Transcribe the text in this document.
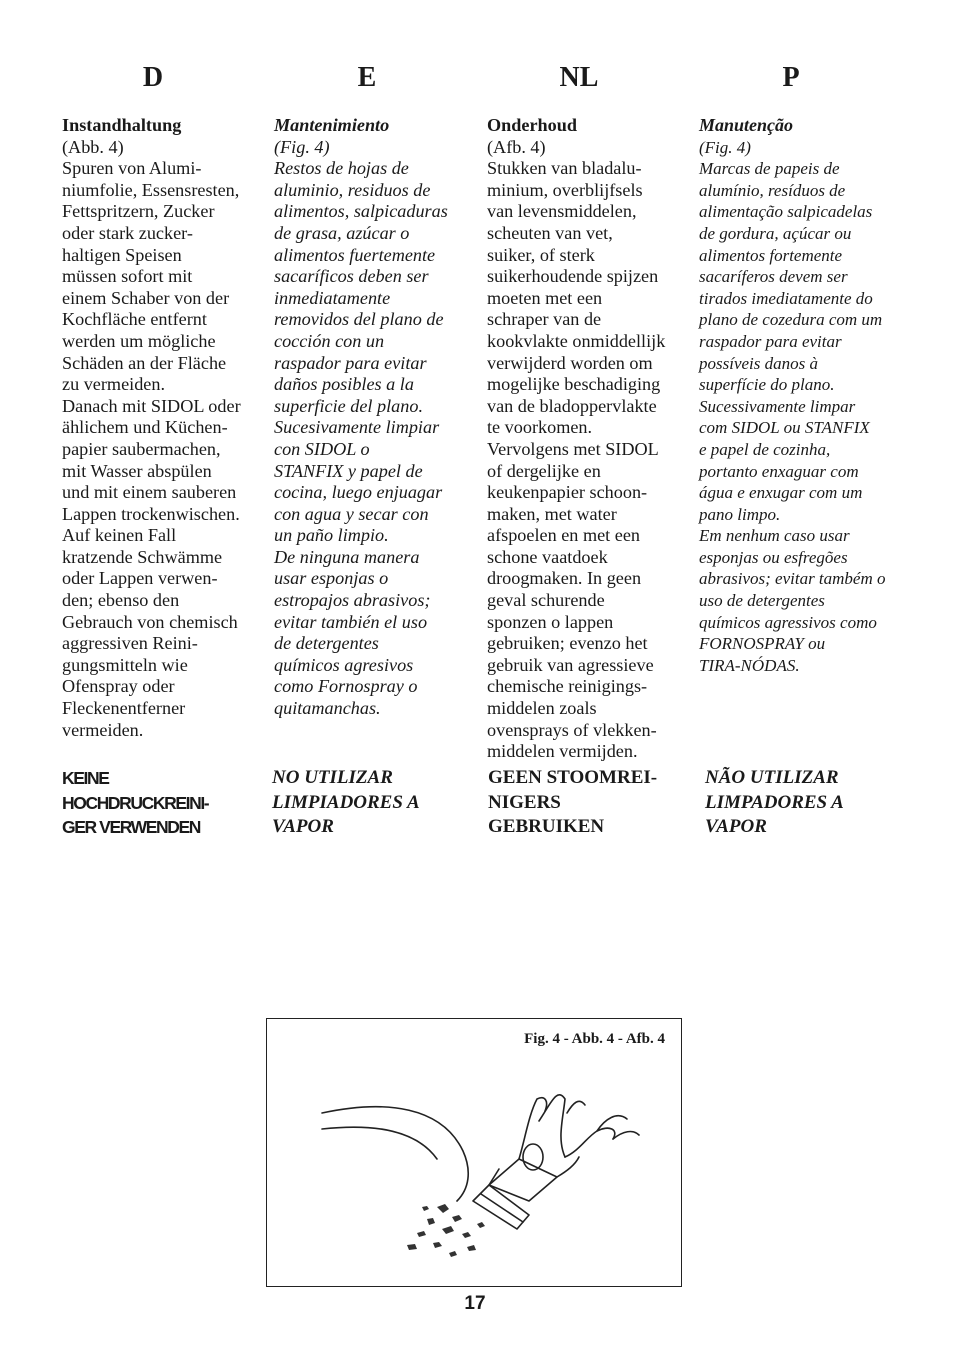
D	E	NL	P
Instandhaltung

(Abb. 4)

Spuren von Alumi-
niumfolie, Essensresten,
Fettspritzern, Zucker
oder stark zucker-
haltigen Speisen
müssen sofort mit
einem Schaber von der
Kochfläche entfernt
werden um mögliche
Schäden an der Fläche
zu vermeiden.
Danach mit SIDOL oder
ählichem und Küchen-
papier saubermachen,
mit Wasser abspülen
und mit einem sauberen
Lappen trockenwischen.
Auf keinen Fall
kratzende Schwämme
oder Lappen verwen-
den; ebenso den
Gebrauch von chemisch
aggressiven Reini-
gungsmitteln wie
Ofenspray oder
Fleckenentferner
vermeiden.

Mantenimiento

(Fig. 4)

Restos de hojas de
aluminio, residuos de
alimentos, salpicaduras
de grasa, azúcar o
alimentos fuertemente
sacaríficos deben ser
inmediatamente
removidos del plano de
cocción con un
raspador para evitar
daños posibles a la
superficie del plano.
Sucesivamente limpiar
con SIDOL o
STANFIX y papel de
cocina, luego enjuagar
con agua y secar con
un paño limpio.
De ninguna manera
usar esponjas o
estropajos abrasivos;
evitar también el uso
de detergentes
químicos agresivos
como Fornospray o
quitamanchas.

Onderhoud

(Afb. 4)

Stukken van bladalu-
minium, overblijfsels
van levensmiddelen,
scheuten van vet,
suiker, of sterk
suikerhoudende spijzen
moeten met een
schraper van de
kookvlakte onmiddellijk
verwijderd worden om
mogelijke beschadiging
van de bladoppervlakte
te voorkomen.
Vervolgens met SIDOL
of dergelijke en
keukenpapier schoon-
maken, met water
afspoelen en met een
schone vaatdoek
droogmaken. In geen
geval schurende
sponzen o lappen
gebruiken; evenzo het
gebruik van agressieve
chemische reinigings-
middelen zoals
ovensprays of vlekken-
middelen vermijden.

Manutenção

(Fig. 4)

Marcas de papeis de
alumínio, resíduos de
alimentação salpicadelas
de gordura, açúcar ou
alimentos fortemente
sacaríferos devem ser
tirados imediatamente do
plano de cozedura com um
raspador para evitar
possíveis danos à
superfície do plano.
Sucessivamente limpar
com SIDOL ou STANFIX
e papel de cozinha,
portanto enxaguar com
água e enxugar com um
pano limpo.
Em nenhum caso usar
esponjas ou esfregões
abrasivos; evitar também o
uso de detergentes
químicos agressivos como
FORNOSPRAY ou
TIRA-NÓDAS.

KEINE
HOCHDRUCKREINI-
GER VERWENDEN
NO UTILIZAR
LIMPIADORES A
VAPOR
GEEN STOOMREI-
NIGERS
GEBRUIKEN
NÃO UTILIZAR
LIMPADORES A
VAPOR
Fig. 4 - Abb. 4 - Afb. 4
17
